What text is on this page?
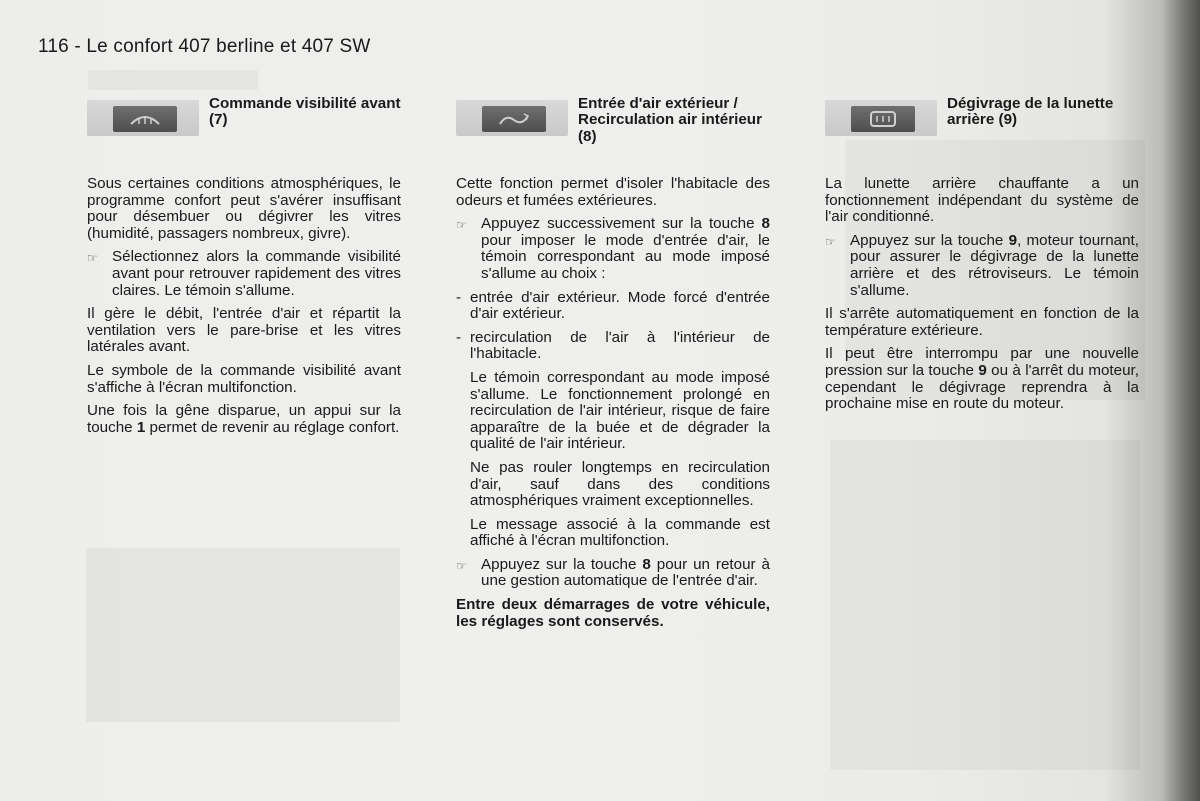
116 - Le confort 407 berline et 407 SW
Commande visibilité avant (7)

Sous certaines conditions atmosphériques, le programme confort peut s'avérer insuffisant pour désembuer ou dégivrer les vitres (humidité, passagers nombreux, givre).

☞ Sélectionnez alors la commande visibilité avant pour retrouver rapidement des vitres claires. Le témoin s'allume.

Il gère le débit, l'entrée d'air et répartit la ventilation vers le pare-brise et les vitres latérales avant.

Le symbole de la commande visibilité avant s'affiche à l'écran multifonction.

Une fois la gêne disparue, un appui sur la touche 1 permet de revenir au réglage confort.

Entrée d'air extérieur / Recirculation air intérieur (8)

Cette fonction permet d'isoler l'habitacle des odeurs et fumées extérieures.

☞ Appuyez successivement sur la touche 8 pour imposer le mode d'entrée d'air, le témoin correspondant au mode imposé s'allume au choix :
- entrée d'air extérieur. Mode forcé d'entrée d'air extérieur.
- recirculation de l'air à l'intérieur de l'habitacle.

Le témoin correspondant au mode imposé s'allume. Le fonctionnement prolongé en recirculation de l'air intérieur, risque de faire apparaître de la buée et de dégrader la qualité de l'air intérieur.

Ne pas rouler longtemps en recirculation d'air, sauf dans des conditions atmosphériques vraiment exceptionnelles.

Le message associé à la commande est affiché à l'écran multifonction.

☞ Appuyez sur la touche 8 pour un retour à une gestion automatique de l'entrée d'air.

Entre deux démarrages de votre véhicule, les réglages sont conservés.

Dégivrage de la lunette arrière (9)

La lunette arrière chauffante a un fonctionnement indépendant du système de l'air conditionné.

☞ Appuyez sur la touche 9, moteur tournant, pour assurer le dégivrage de la lunette arrière et des rétroviseurs. Le témoin s'allume.

Il s'arrête automatiquement en fonction de la température extérieure.

Il peut être interrompu par une nouvelle pression sur la touche 9 ou à l'arrêt du moteur, cependant le dégivrage reprendra à la prochaine mise en route du moteur.
